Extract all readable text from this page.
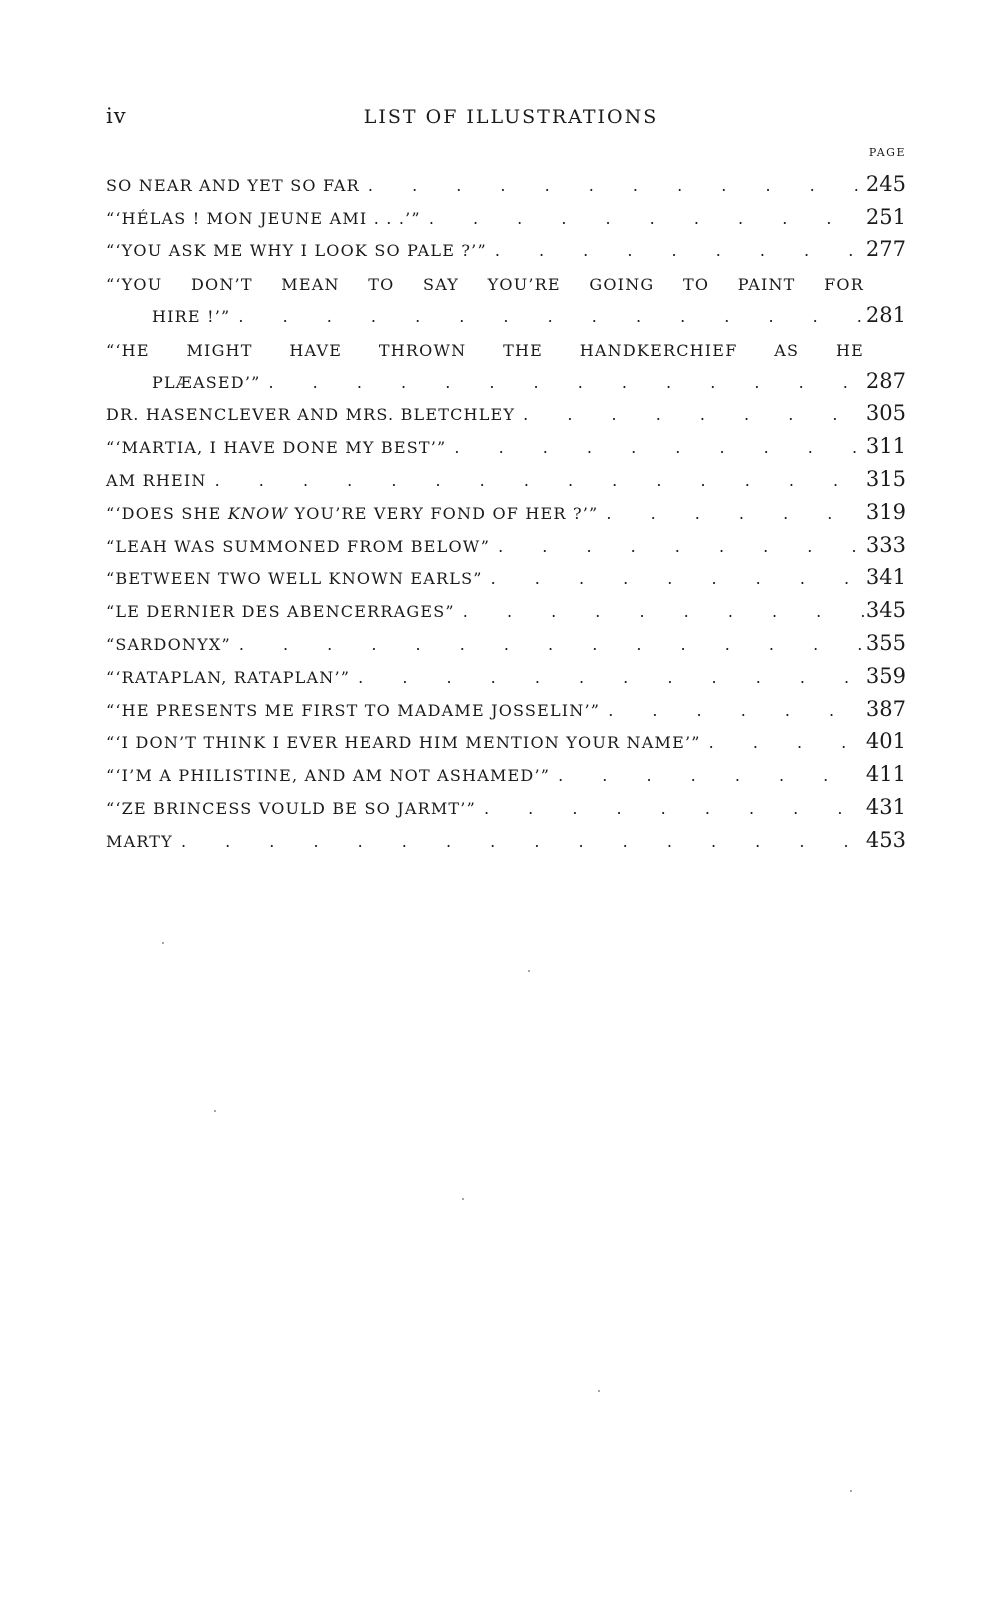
iv	LIST OF ILLUSTRATIONS
PAGE
SO NEAR AND YET SO FAR . . .	245
“‘HÉLAS ! MON JEUNE AMI . . .’” . . .	251
“‘YOU ASK ME WHY I LOOK SO PALE ?’” . . .	277
“‘YOU DON’T MEAN TO SAY YOU’RE GOING TO PAINT FOR
HIRE !’” . . .	281
“‘HE MIGHT HAVE THROWN THE HANDKERCHIEF AS HE
PLÆASED’” . . .	287
DR. HASENCLEVER AND MRS. BLETCHLEY . . .	305
“‘MARTIA, I HAVE DONE MY BEST’” . . .	311
AM RHEIN . . .	315
“‘DOES SHE KNOW YOU’RE VERY FOND OF HER ?’” . . .	319
“LEAH WAS SUMMONED FROM BELOW” . . .	333
“BETWEEN TWO WELL KNOWN EARLS” . . .	341
“LE DERNIER DES ABENCERRAGES” . . .	345
“SARDONYX” . . .	355
“‘RATAPLAN, RATAPLAN’” . . .	359
“‘HE PRESENTS ME FIRST TO MADAME JOSSELIN’” . . .	387
“‘I DON’T THINK I EVER HEARD HIM MENTION YOUR NAME’” . . .	401
“‘I’M A PHILISTINE, AND AM NOT ASHAMED’” . . .	411
“‘ZE BRINCESS VOULD BE SO JARMT’” . . .	431
MARTY . . .	453
